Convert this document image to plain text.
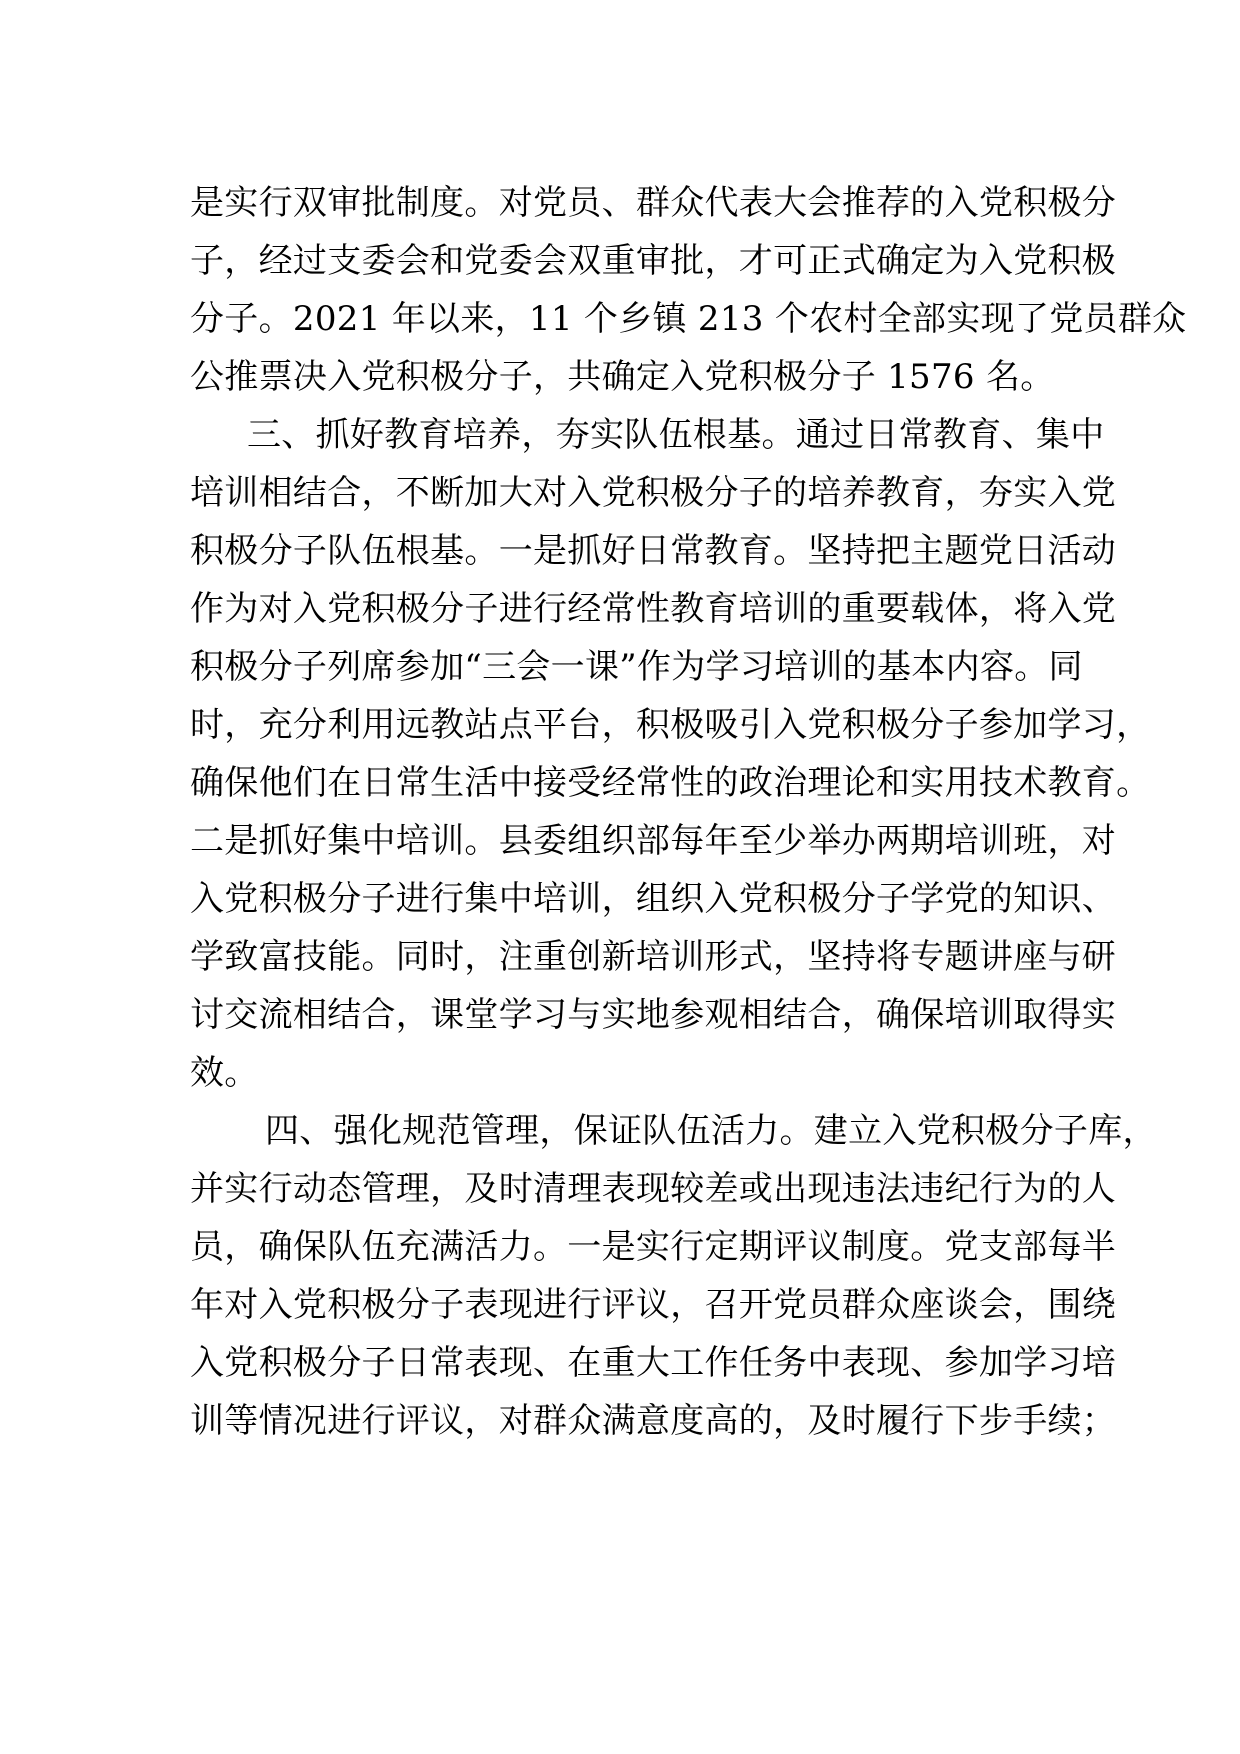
是实行双审批制度。对党员、群众代表大会推荐的入党积极分
子，经过支委会和党委会双重审批，才可正式确定为入党积极
分子。2021 年以来，11 个乡镇 213 个农村全部实现了党员群众
公推票决入党积极分子，共确定入党积极分子 1576 名。
三、抓好教育培养，夯实队伍根基。通过日常教育、集中
培训相结合，不断加大对入党积极分子的培养教育，夯实入党
积极分子队伍根基。一是抓好日常教育。坚持把主题党日活动
作为对入党积极分子进行经常性教育培训的重要载体，将入党
积极分子列席参加“三会一课”作为学习培训的基本内容。同
时，充分利用远教站点平台，积极吸引入党积极分子参加学习，
确保他们在日常生活中接受经常性的政治理论和实用技术教育。
二是抓好集中培训。县委组织部每年至少举办两期培训班，对
入党积极分子进行集中培训，组织入党积极分子学党的知识、
学致富技能。同时，注重创新培训形式，坚持将专题讲座与研
讨交流相结合，课堂学习与实地参观相结合，确保培训取得实
效。
四、强化规范管理，保证队伍活力。建立入党积极分子库，
并实行动态管理，及时清理表现较差或出现违法违纪行为的人
员，确保队伍充满活力。一是实行定期评议制度。党支部每半
年对入党积极分子表现进行评议，召开党员群众座谈会，围绕
入党积极分子日常表现、在重大工作任务中表现、参加学习培
训等情况进行评议，对群众满意度高的，及时履行下步手续；
